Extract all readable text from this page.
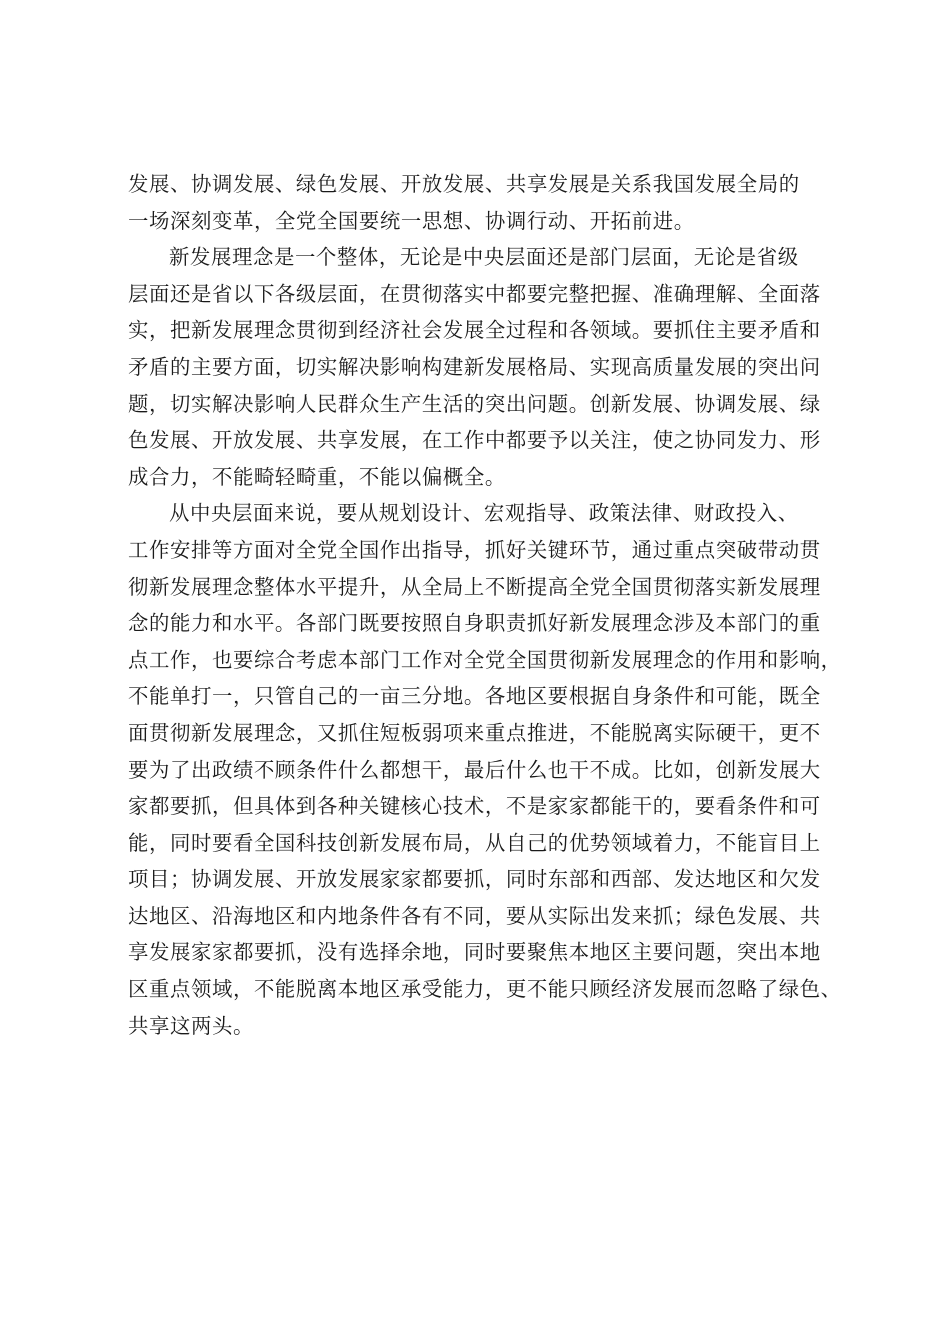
发展、协调发展、绿色发展、开放发展、共享发展是关系我国发展全局的
一场深刻变革，全党全国要统一思想、协调行动、开拓前进。
新发展理念是一个整体，无论是中央层面还是部门层面，无论是省级
层面还是省以下各级层面，在贯彻落实中都要完整把握、准确理解、全面落
实，把新发展理念贯彻到经济社会发展全过程和各领域。要抓住主要矛盾和
矛盾的主要方面，切实解决影响构建新发展格局、实现高质量发展的突出问
题，切实解决影响人民群众生产生活的突出问题。创新发展、协调发展、绿
色发展、开放发展、共享发展，在工作中都要予以关注，使之协同发力、形
成合力，不能畸轻畸重，不能以偏概全。
从中央层面来说，要从规划设计、宏观指导、政策法律、财政投入、
工作安排等方面对全党全国作出指导，抓好关键环节，通过重点突破带动贯
彻新发展理念整体水平提升，从全局上不断提高全党全国贯彻落实新发展理
念的能力和水平。各部门既要按照自身职责抓好新发展理念涉及本部门的重
点工作，也要综合考虑本部门工作对全党全国贯彻新发展理念的作用和影响，
不能单打一，只管自己的一亩三分地。各地区要根据自身条件和可能，既全
面贯彻新发展理念，又抓住短板弱项来重点推进，不能脱离实际硬干，更不
要为了出政绩不顾条件什么都想干，最后什么也干不成。比如，创新发展大
家都要抓，但具体到各种关键核心技术，不是家家都能干的，要看条件和可
能，同时要看全国科技创新发展布局，从自己的优势领域着力，不能盲目上
项目；协调发展、开放发展家家都要抓，同时东部和西部、发达地区和欠发
达地区、沿海地区和内地条件各有不同，要从实际出发来抓；绿色发展、共
享发展家家都要抓，没有选择余地，同时要聚焦本地区主要问题，突出本地
区重点领域，不能脱离本地区承受能力，更不能只顾经济发展而忽略了绿色、
共享这两头。
